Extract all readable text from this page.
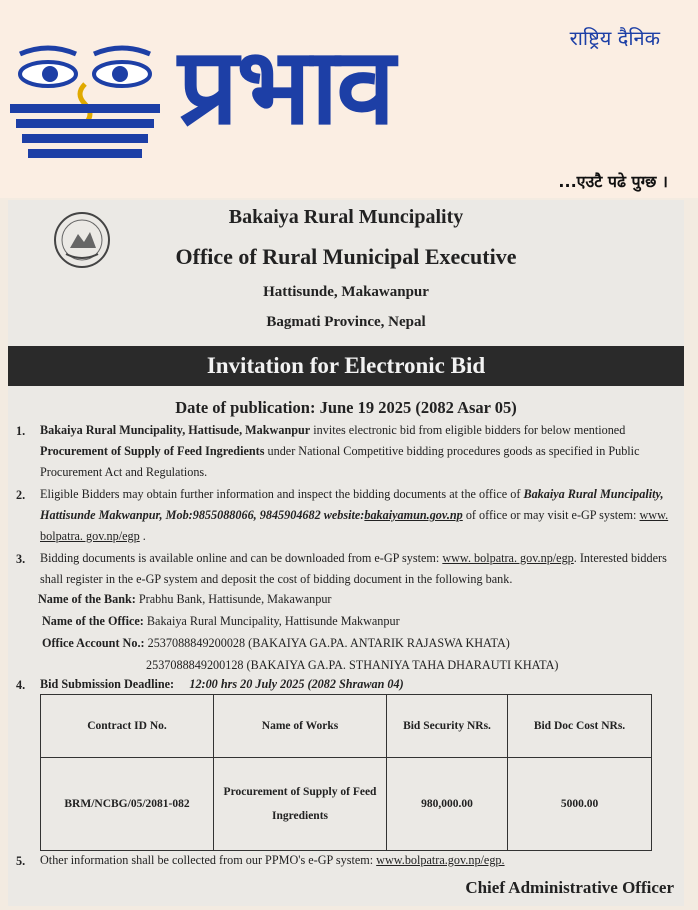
राष्ट्रिय दैनिक
प्रभाव
...एउटै पढे पुग्छ ।
Bakaiya Rural Muncipality
Office of Rural Municipal Executive
Hattisunde, Makawanpur
Bagmati Province, Nepal
Invitation for Electronic Bid
Date of publication: June 19 2025 (2082 Asar 05)
1. Bakaiya Rural Muncipality, Hattisude, Makwanpur invites electronic bid from eligible bidders for below mentioned Procurement of Supply of Feed Ingredients under National Competitive bidding procedures goods as specified in Public Procurement Act and Regulations.
2. Eligible Bidders may obtain further information and inspect the bidding documents at the office of Bakaiya Rural Muncipality, Hattisunde Makwanpur, Mob:9855088066, 9845904682 website:bakaiyamun.gov.np of office or may visit e-GP system: www. bolpatra. gov.np/egp .
3. Bidding documents is available online and can be downloaded from e-GP system: www. bolpatra. gov.np/egp. Interested bidders shall register in the e-GP system and deposit the cost of bidding document in the following bank.
Name of the Bank: Prabhu Bank, Hattisunde, Makawanpur
Name of the Office: Bakaiya Rural Muncipality, Hattisunde Makwanpur
Office Account No.: 2537088849200028 (BAKAIYA GA.PA. ANTARIK RAJASWA KHATA)
2537088849200128 (BAKAIYA GA.PA. STHANIYA TAHA DHARAUTI KHATA)
4. Bid Submission Deadline: 12:00 hrs 20 July 2025 (2082 Shrawan 04)
Contract ID No.	Name of Works	Bid Security NRs.	Bid Doc Cost NRs.
BRM/NCBG/05/2081-082	Procurement of Supply of Feed Ingredients	980,000.00	5000.00
5. Other information shall be collected from our PPMO's e-GP system: www.bolpatra.gov.np/egp.
Chief Administrative Officer
